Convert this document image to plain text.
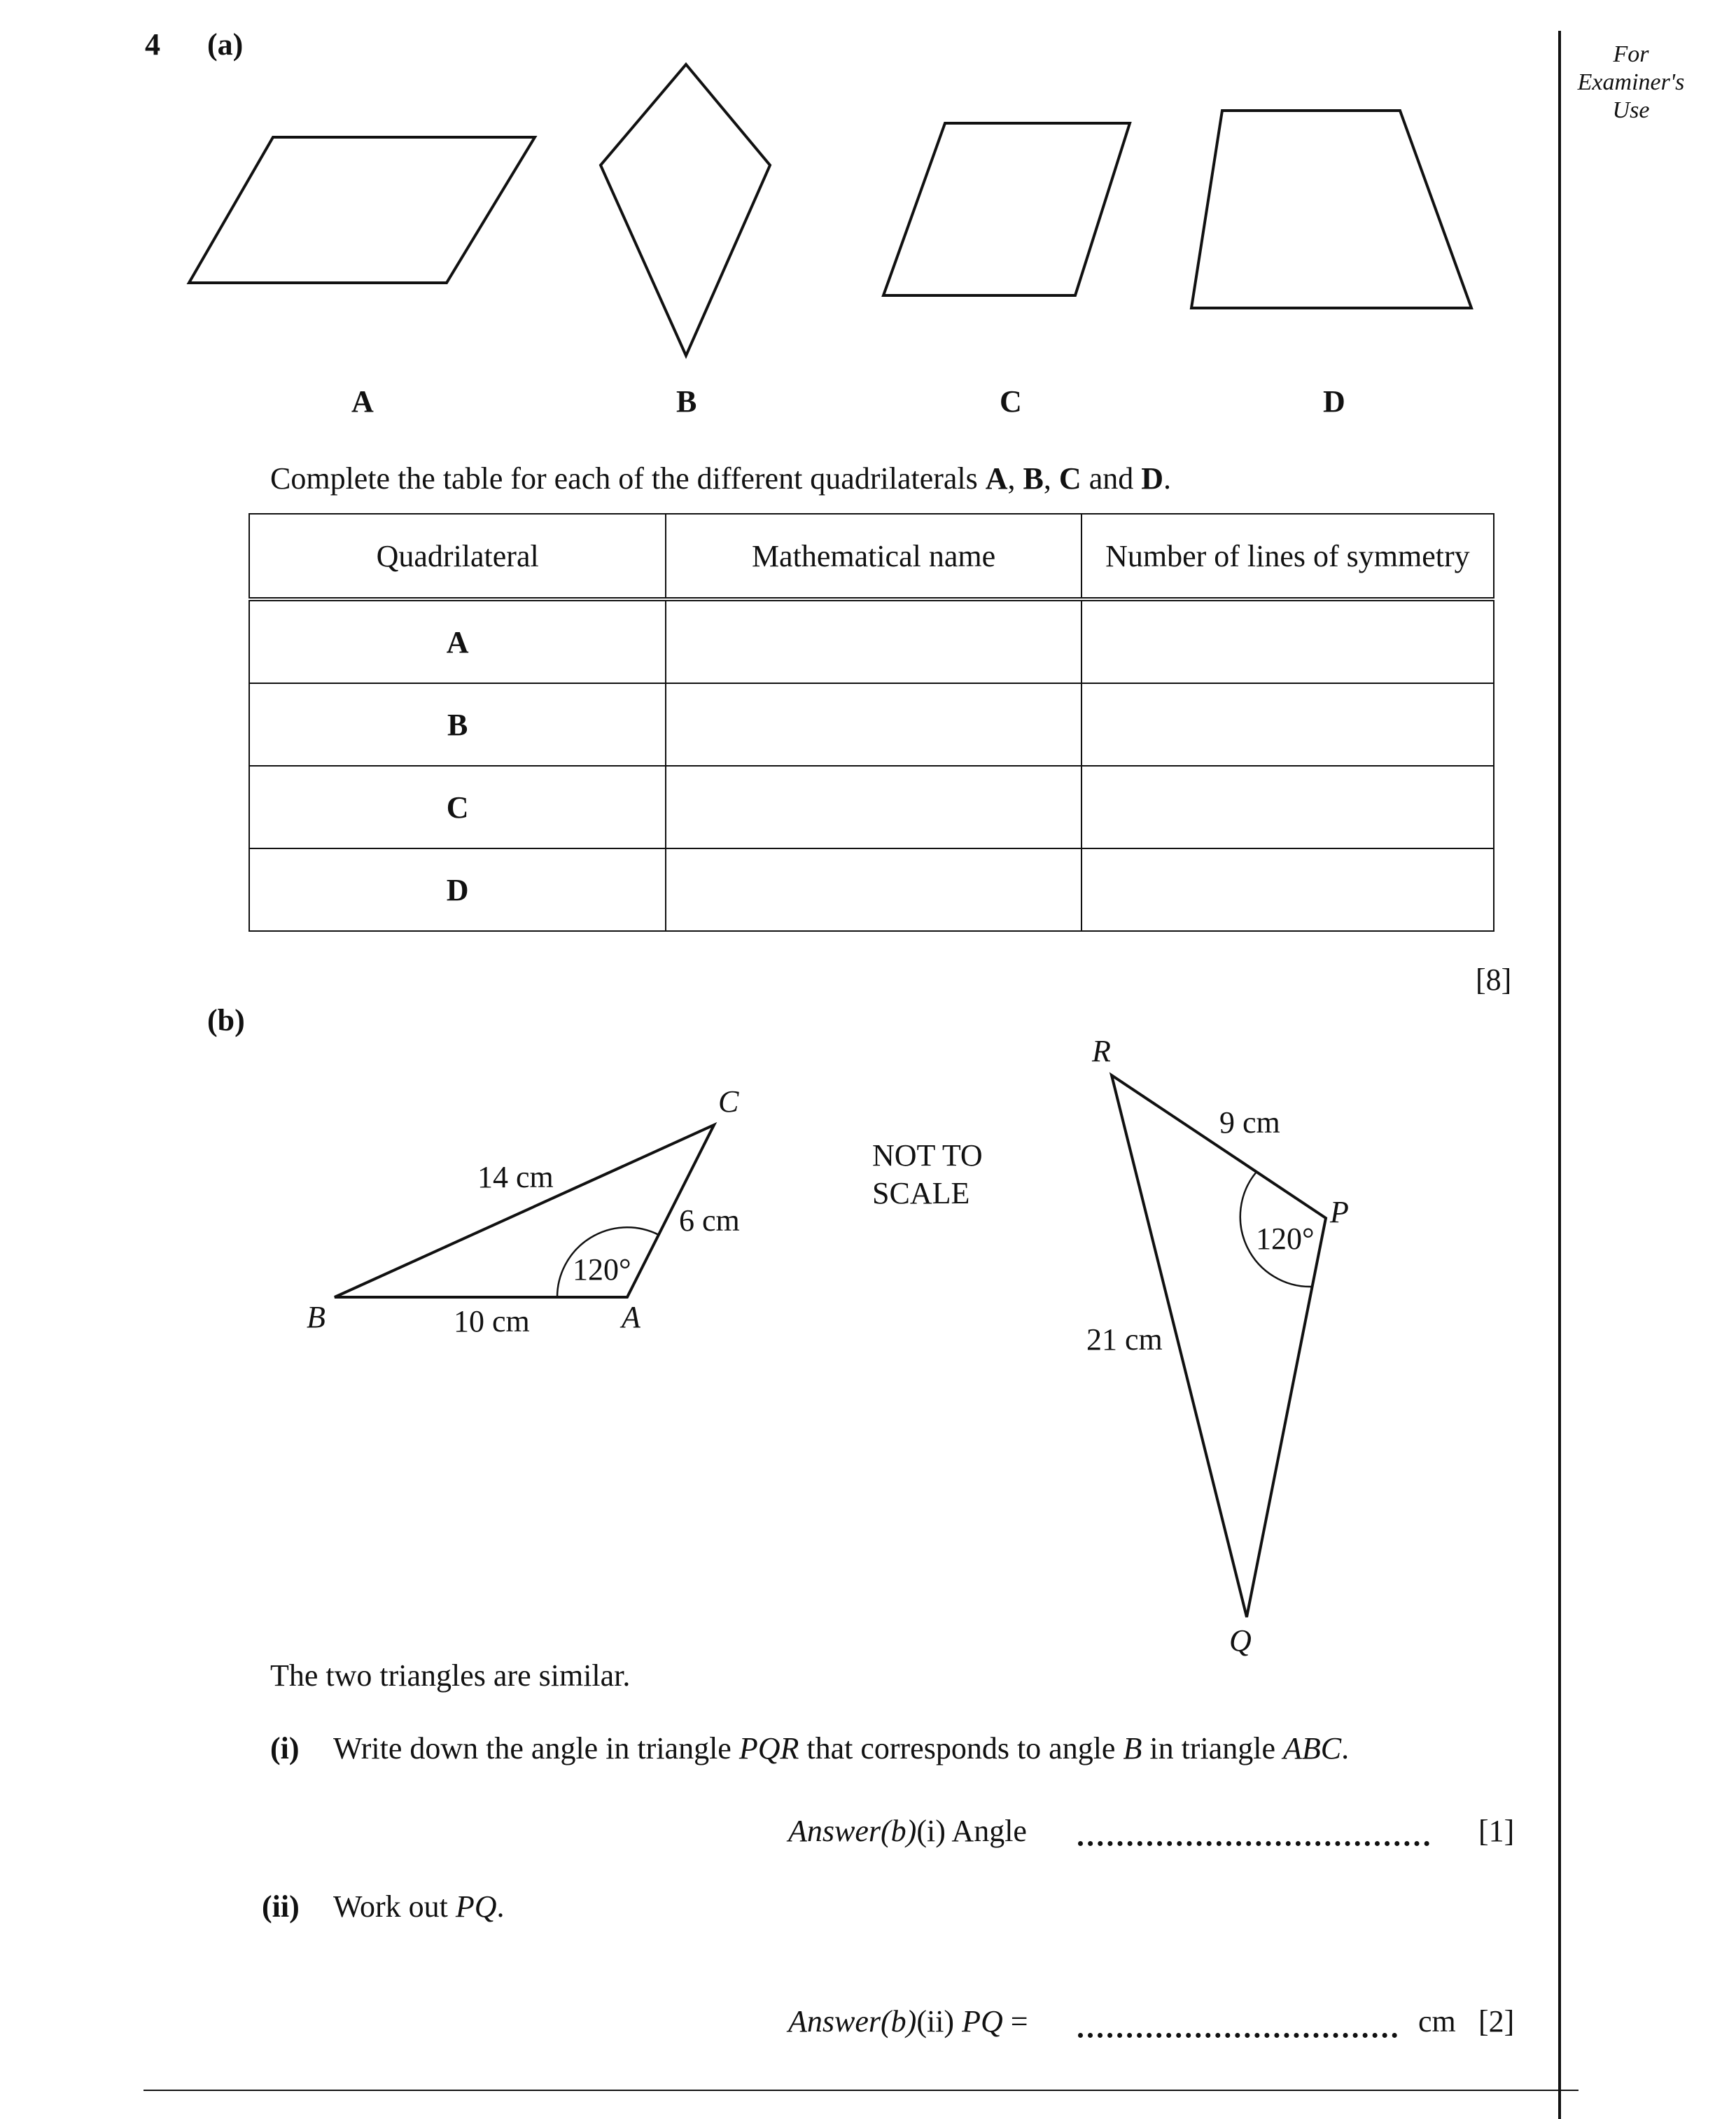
For
Examiner's
Use
4 (a)
A	B	C	D
Complete the table for each of the different quadrilaterals A, B, C and D.
Quadrilateral	Mathematical name	Number of lines of symmetry
A		
B		
C		
D		
[8]
(b)
C
B	A
14 cm
6 cm
10 cm
120°
NOT TO
SCALE
R
P
Q
9 cm
21 cm
120°
The two triangles are similar.
(i) Write down the angle in triangle PQR that corresponds to angle B in triangle ABC.
Answer(b)(i) Angle	[1]
(ii) Work out PQ.
Answer(b)(ii) PQ =	cm [2]
